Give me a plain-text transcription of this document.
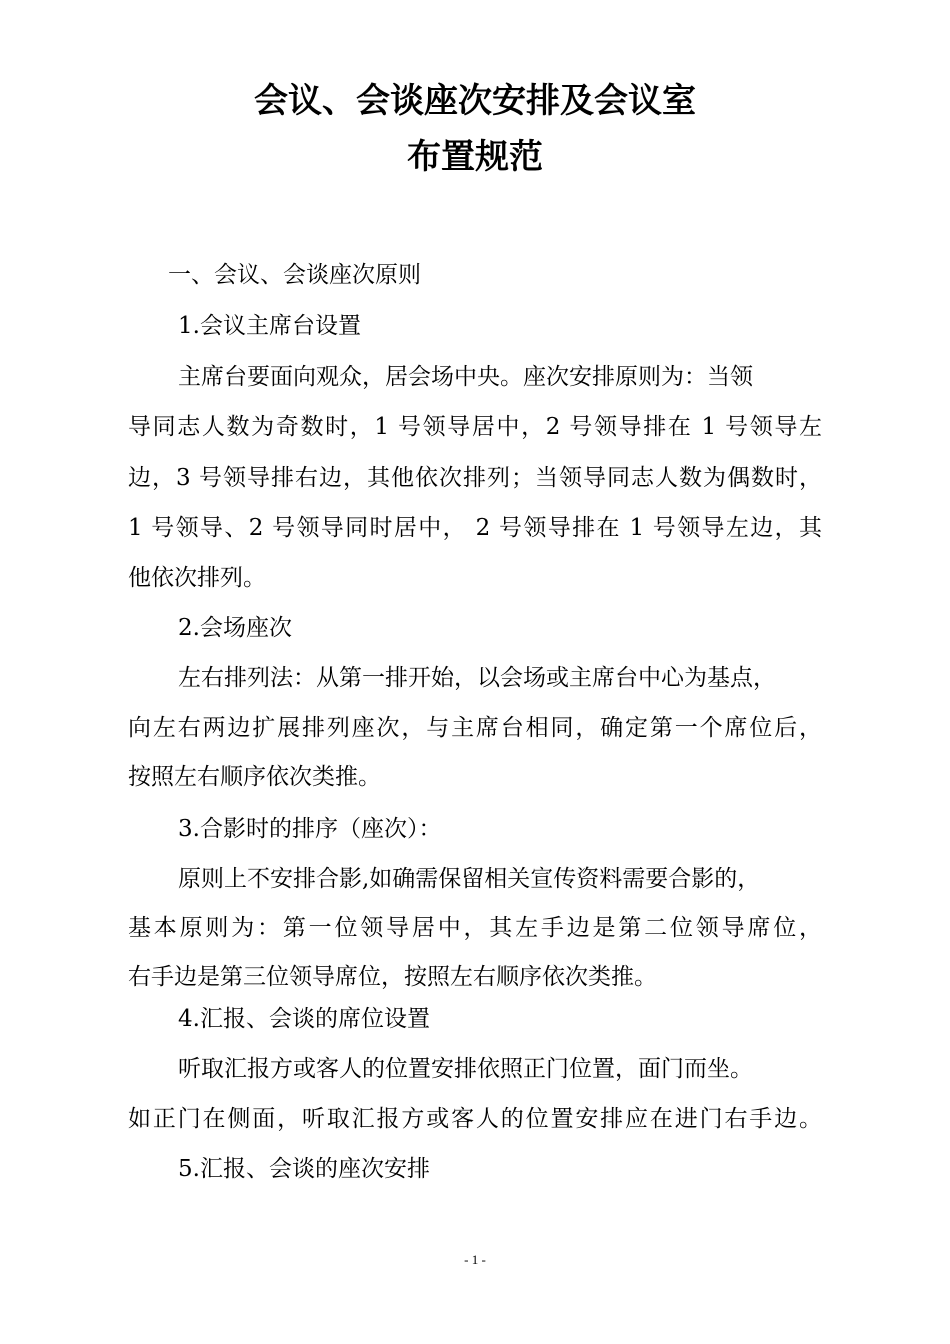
会议、会谈座次安排及会议室
布置规范

一、会议、会谈座次原则

1.会议主席台设置

主席台要面向观众，居会场中央。座次安排原则为：当领

导同志人数为奇数时，1 号领导居中，2 号领导排在 1 号领导左

边，3 号领导排右边，其他依次排列；当领导同志人数为偶数时，

1 号领导、2 号领导同时居中， 2 号领导排在 1 号领导左边，其

他依次排列。

2.会场座次

左右排列法：从第一排开始，以会场或主席台中心为基点，

向左右两边扩展排列座次，与主席台相同，确定第一个席位后，

按照左右顺序依次类推。

3.合影时的排序（座次）：

原则上不安排合影,如确需保留相关宣传资料需要合影的，

基本原则为：第一位领导居中，其左手边是第二位领导席位，

右手边是第三位领导席位，按照左右顺序依次类推。

4.汇报、会谈的席位设置

听取汇报方或客人的位置安排依照正门位置，面门而坐。

如正门在侧面，听取汇报方或客人的位置安排应在进门右手边。

5.汇报、会谈的座次安排

- 1 -
